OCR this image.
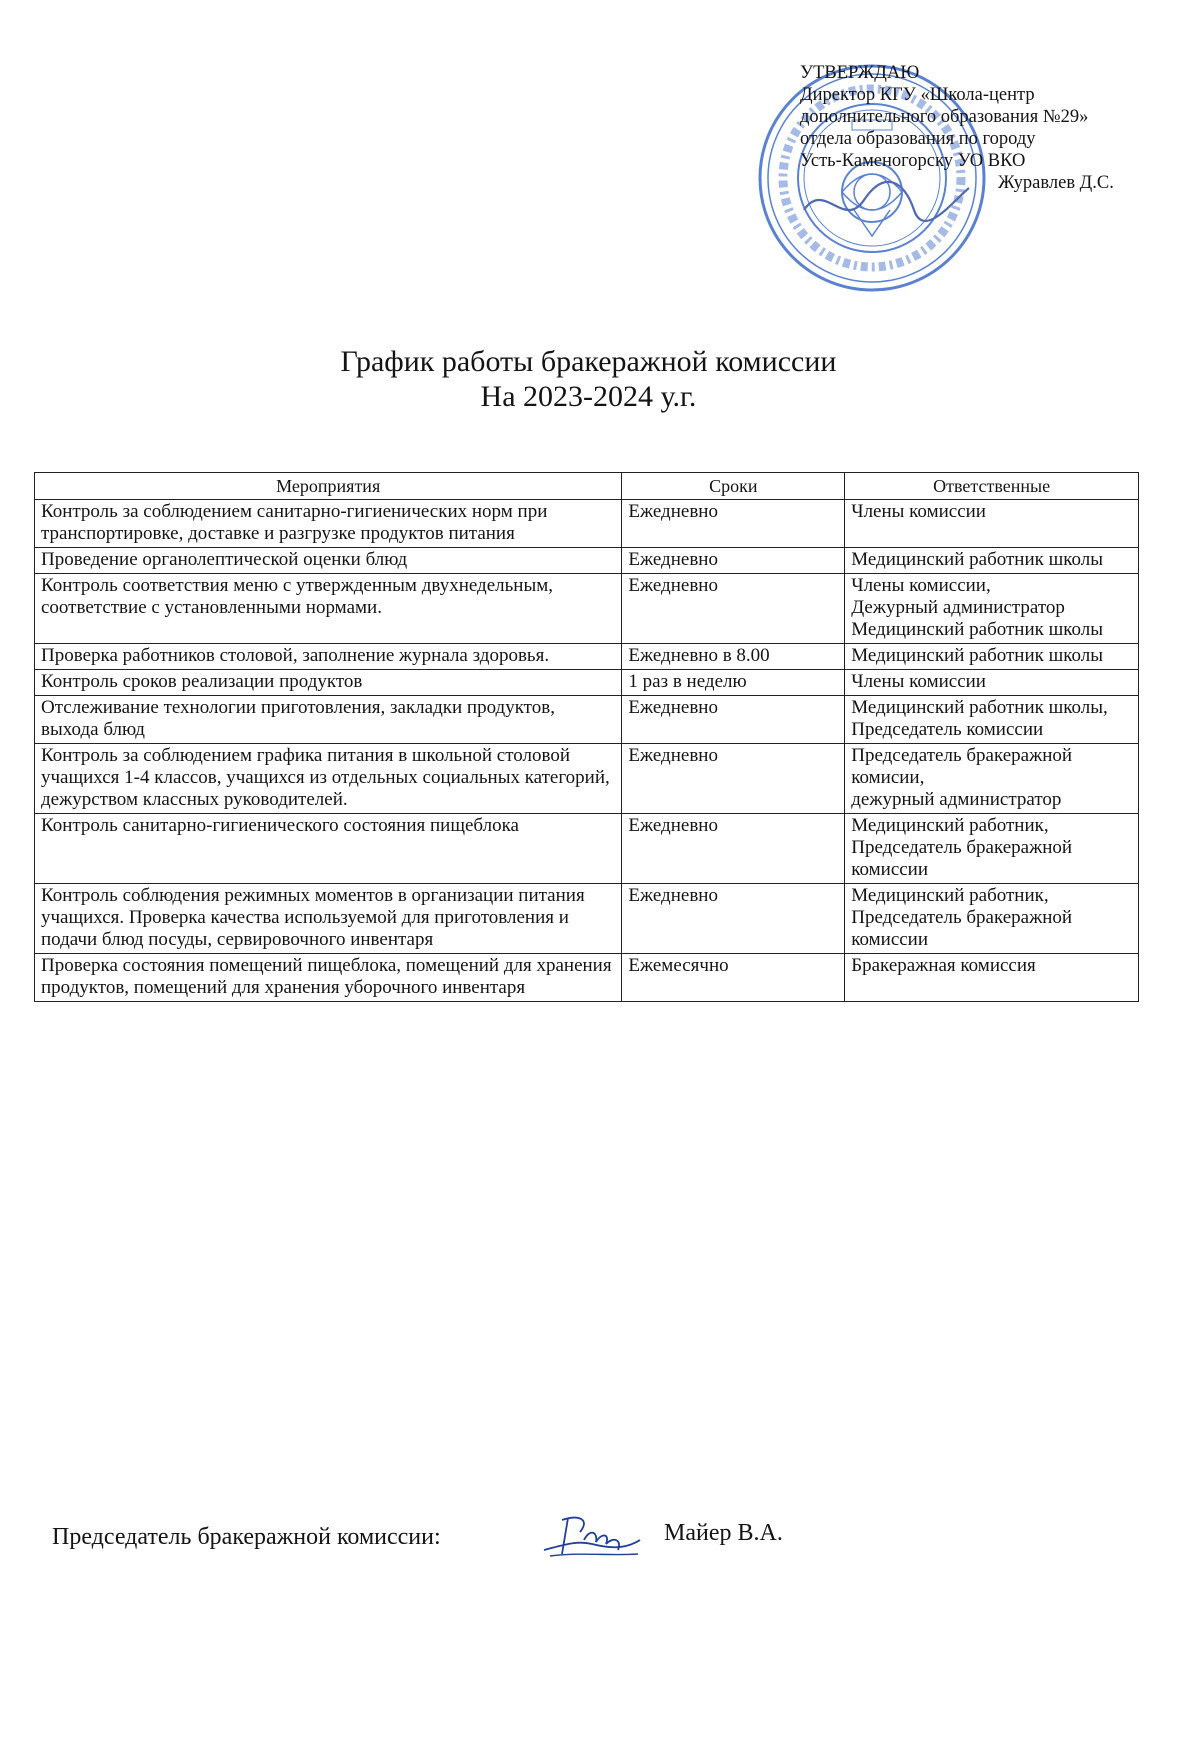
УТВЕРЖДАЮ
Директор КГУ «Школа-центр
дополнительного образования №29»
отдела образования по городу
Усть-Каменогорску УО ВКО
Журавлев Д.С.
График работы бракеражной комиссии
На 2023-2024 у.г.
Мероприятия	Сроки	Ответственные
Контроль за соблюдением санитарно-гигиенических норм при транспортировке, доставке и разгрузке продуктов питания	Ежедневно	Члены комиссии

Проведение органолептической оценки блюд	Ежедневно	Медицинский работник школы

Контроль соответствия меню с утвержденным двухнедельным, соответствие с установленными нормами.	Ежедневно	Члены комиссии,
Дежурный администратор
Медицинский работник школы

Проверка работников столовой, заполнение журнала здоровья.	Ежедневно в 8.00	Медицинский работник школы

Контроль сроков реализации продуктов	1 раз в неделю	Члены комиссии

Отслеживание технологии приготовления, закладки продуктов, выхода блюд	Ежедневно	Медицинский работник школы, Председатель комиссии

Контроль за соблюдением графика питания в школьной столовой учащихся 1-4 классов, учащихся из отдельных социальных категорий, дежурством классных руководителей.	Ежедневно	Председатель бракеражной комисии,
дежурный администратор

Контроль санитарно-гигиенического состояния пищеблока	Ежедневно	Медицинский работник,
Председатель бракеражной комиссии

Контроль соблюдения режимных моментов в организации питания учащихся. Проверка качества используемой для приготовления и подачи блюд посуды, сервировочного инвентаря	Ежедневно	Медицинский работник,
Председатель бракеражной комиссии

Проверка состояния помещений пищеблока, помещений для хранения продуктов, помещений для хранения уборочного инвентаря	Ежемесячно	Бракеражная комиссия
Председатель бракеражной комиссии:	Майер В.А.
